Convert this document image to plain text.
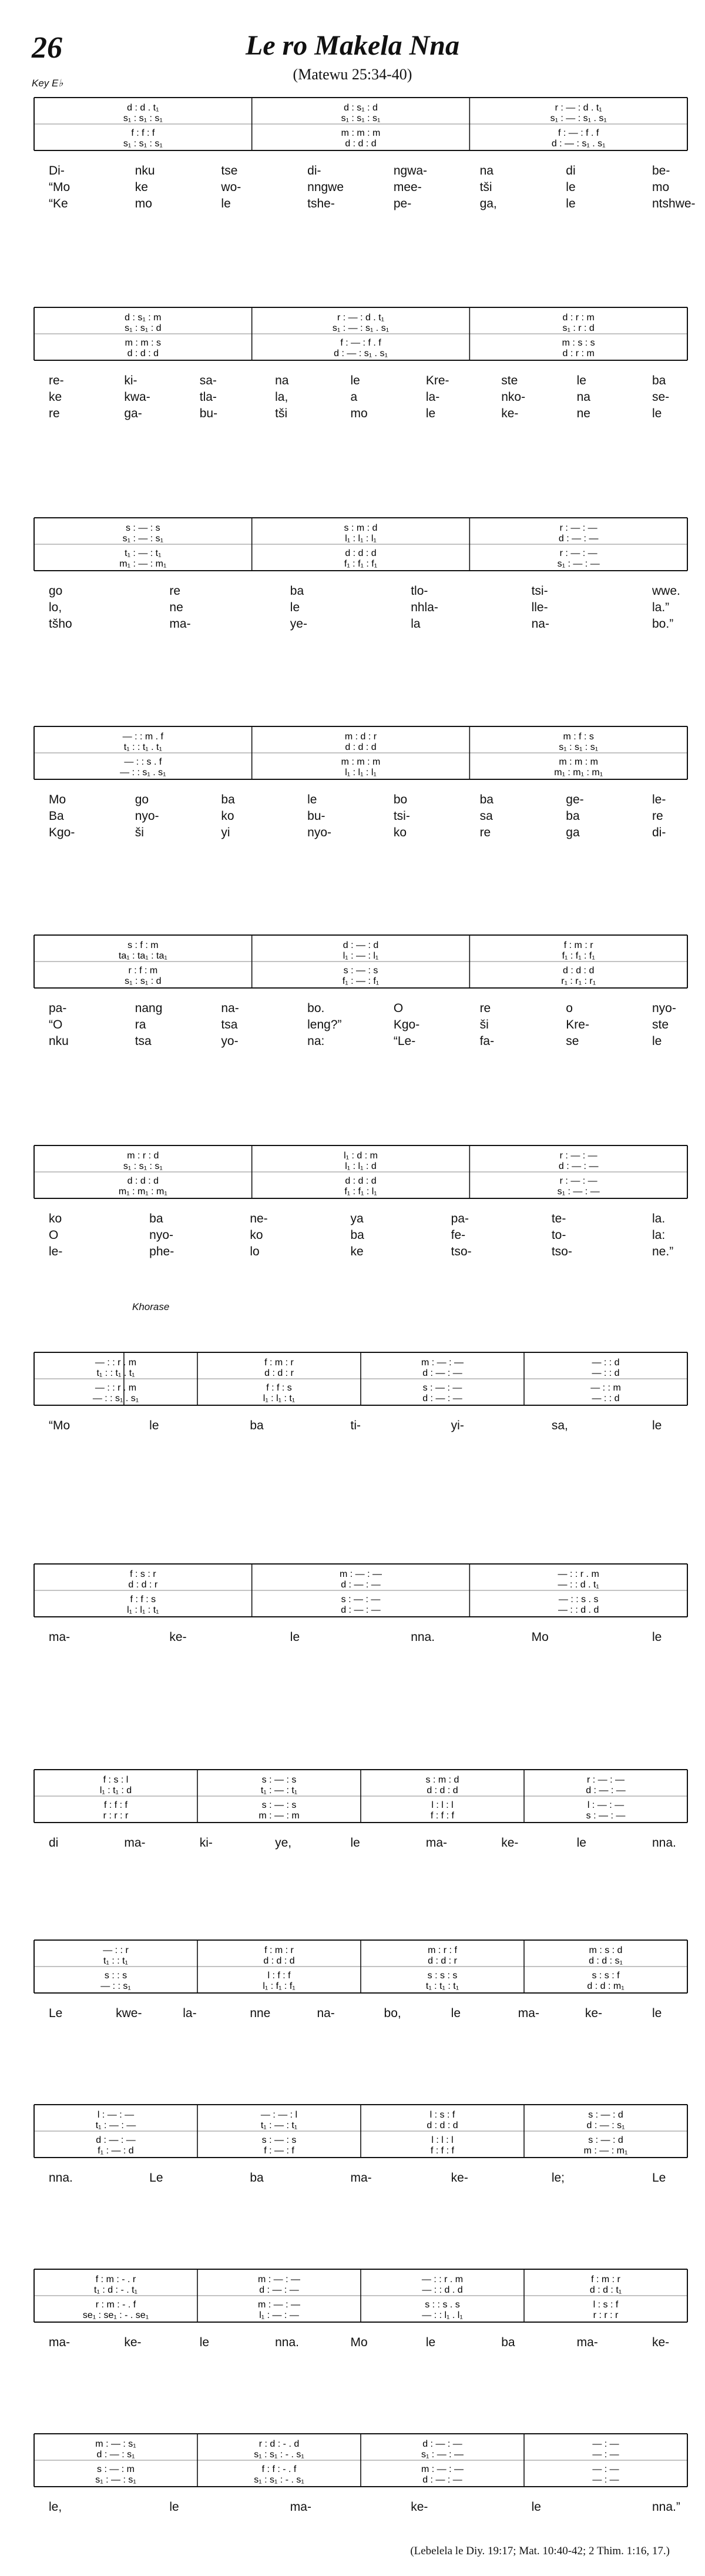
26	Le ro Makela Nna
(Matewu 25:34-40)
Key E♭
Khorase
(Lebelela le Diy. 19:17; Mat. 10:40-42; 2 Thim. 1:16, 17.)
d : d . t₁	d : s₁ : d	r : — : d . t₁
s₁ : s₁ : s₁	s₁ : s₁ : s₁	s₁ : — : s₁ . s₁
f : f : f	m : m : m	f : — : f . f
s₁ : s₁ : s₁	d : d : d	d : — : s₁ . s₁
Di-	nku	tse	di-	ngwa-	na	di	be-
“Mo	ke	wo-	nngwe	mee-	tši	le	mo
“Ke	mo	le	tshe-	pe-	ga,	le	ntshwe-
d : s₁ : m	r : — : d . t₁	d : r : m
s₁ : s₁ : d	s₁ : — : s₁ . s₁	s₁ : r : d
m : m : s	f : — : f . f	m : s : s
d : d : d	d : — : s₁ . s₁	d : r : m
re-	ki-	sa-	na	le	Kre-	ste	le	ba
ke	kwa-	tla-	la,	a	la-	nko-	na	se-
re	ga-	bu-	tši	mo	le	ke-	ne	le
s : — : s	s : m : d	r : — : —
s₁ : — : s₁	l₁ : l₁ : l₁	d : — : —
t₁ : — : t₁	d : d : d	r : — : —
m₁ : — : m₁	f₁ : f₁ : f₁	s₁ : — : —
go	re	ba	tlo-	tsi-	wwe.
lo,	ne	le	nhla-	lle-	la.”
tšho	ma-	ye-	la	na-	bo.”
— : : m . f	m : d : r	m : f : s
t₁ : : t₁ . t₁	d : d : d	s₁ : s₁ : s₁
— : : s . f	m : m : m	m : m : m
— : : s₁ . s₁	l₁ : l₁ : l₁	m₁ : m₁ : m₁
Mo	go	ba	le	bo	ba	ge-	le-
Ba	nyo-	ko	bu-	tsi-	sa	ba	re
Kgo-	ši	yi	nyo-	ko	re	ga	di-
s : f : m	d : — : d	f : m : r
ta₁ : ta₁ : ta₁	l₁ : — : l₁	f₁ : f₁ : f₁
r : f : m	s : — : s	d : d : d
s₁ : s₁ : d	f₁ : — : f₁	r₁ : r₁ : r₁
pa-	nang	na-	bo.	O	re	o	nyo-
“O	ra	tsa	leng?”	Kgo-	ši	Kre-	ste
nku	tsa	yo-	na:	“Le-	fa-	se	le
m : r : d	l₁ : d : m	r : — : —
s₁ : s₁ : s₁	l₁ : l₁ : d	d : — : —
d : d : d	d : d : d	r : — : —
m₁ : m₁ : m₁	f₁ : f₁ : l₁	s₁ : — : —
ko	ba	ne-	ya	pa-	te-	la.
O	nyo-	ko	ba	fe-	to-	la:
le-	phe-	lo	ke	tso-	tso-	ne.”
— : : r . m	f : m : r	m : — : —	— : : d
t₁ : : t₁ . t₁	d : d : r	d : — : —	— : : d
— : : r . m	f : f : s	s : — : —	— : : m
— : : s₁ . s₁	l₁ : l₁ : t₁	d : — : —	— : : d
“Mo	le	ba	ti-	yi-	sa,	le
f : s : r	m : — : —	— : : r . m
d : d : r	d : — : —	— : : d . t₁
f : f : s	s : — : —	— : : s . s
l₁ : l₁ : t₁	d : — : —	— : : d . d
ma-	ke-	le	nna.	Mo	le
f : s : l	s : — : s	s : m : d	r : — : —
l₁ : t₁ : d	t₁ : — : t₁	d : d : d	d : — : —
f : f : f	s : — : s	l : l : l	l : — : —
r : r : r	m : — : m	f : f : f	s : — : —
di	ma-	ki-	ye,	le	ma-	ke-	le	nna.
— : : r	f : m : r	m : r : f	m : s : d
t₁ : : t₁	d : d : d	d : d : r	d : d : s₁
s : : s	l : f : f	s : s : s	s : s : f
— : : s₁	l₁ : f₁ : f₁	t₁ : t₁ : t₁	d : d : m₁
Le	kwe-	la-	nne	na-	bo,	le	ma-	ke-	le
l : — : —	— : — : l	l : s : f	s : — : d
t₁ : — : —	t₁ : — : t₁	d : d : d	d : — : s₁
d : — : —	s : — : s	l : l : l	s : — : d
f₁ : — : d	f : — : f	f : f : f	m : — : m₁
nna.	Le	ba	ma-	ke-	le;	Le
f : m : - . r	m : — : —	— : : r . m	f : m : r
t₁ : d : - . t₁	d : — : —	— : : d . d	d : d : t₁
r : m : - . f	m : — : —	s : : s . s	l : s : f
se₁ : se₁ : - . se₁	l₁ : — : —	— : : l₁ . l₁	r : r : r
ma-	ke-	le	nna.	Mo	le	ba	ma-	ke-
m : — : s₁	r : d : - . d	d : — : —	— : —
d : — : s₁	s₁ : s₁ : - . s₁	s₁ : — : —	— : —
s : — : m	f : f : - . f	m : — : —	— : —
s₁ : — : s₁	s₁ : s₁ : - . s₁	d : — : —	— : —
le,	le	ma-	ke-	le	nna.”
